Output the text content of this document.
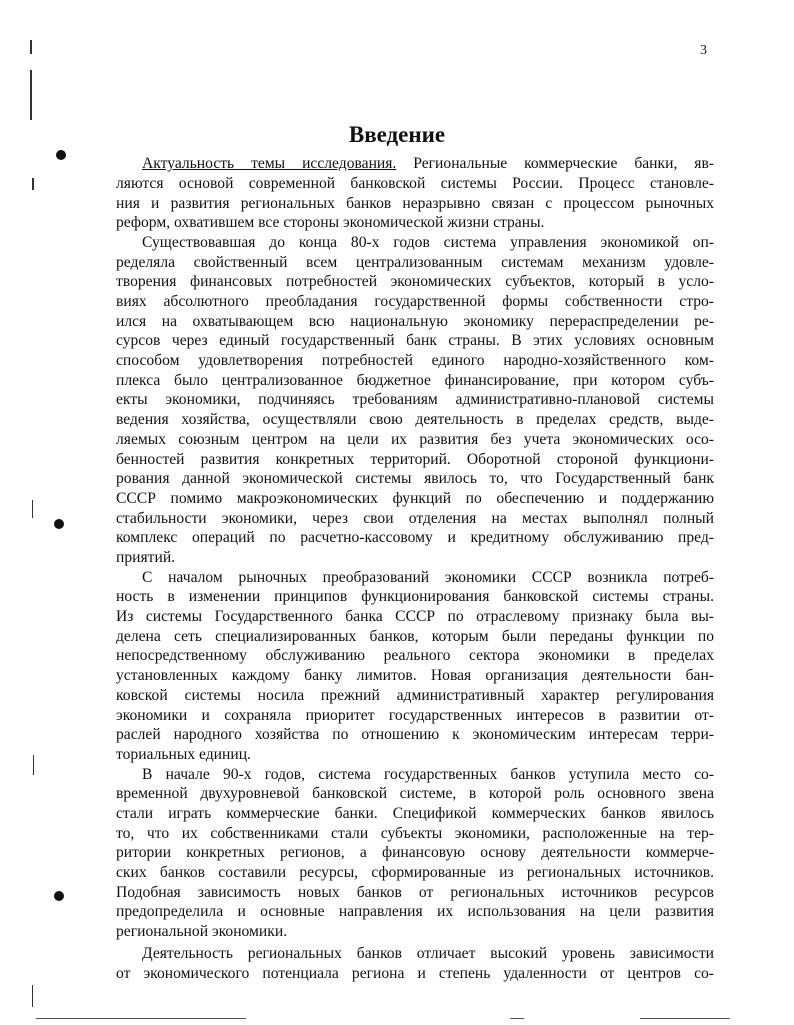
3
Введение
Актуальность темы исследования. Региональные коммерческие банки, яв-
ляются основой современной банковской системы России. Процесс становле-
ния и развития региональных банков неразрывно связан с процессом рыночных
реформ, охватившем все стороны экономической жизни страны.
Существовавшая до конца 80-х годов система управления экономикой оп-
ределяла свойственный всем централизованным системам механизм удовле-
творения финансовых потребностей экономических субъектов, который в усло-
виях абсолютного преобладания государственной формы собственности стро-
ился на охватывающем всю национальную экономику перераспределении ре-
сурсов через единый государственный банк страны. В этих условиях основным
способом удовлетворения потребностей единого народно-хозяйственного ком-
плекса было централизованное бюджетное финансирование, при котором субъ-
екты экономики, подчиняясь требованиям административно-плановой системы
ведения хозяйства, осуществляли свою деятельность в пределах средств, выде-
ляемых союзным центром на цели их развития без учета экономических осо-
бенностей развития конкретных территорий. Оборотной стороной функциони-
рования данной экономической системы явилось то, что Государственный банк
СССР помимо макроэкономических функций по обеспечению и поддержанию
стабильности экономики, через свои отделения на местах выполнял полный
комплекс операций по расчетно-кассовому и кредитному обслуживанию пред-
приятий.
С началом рыночных преобразований экономики СССР возникла потреб-
ность в изменении принципов функционирования банковской системы страны.
Из системы Государственного банка СССР по отраслевому признаку была вы-
делена сеть специализированных банков, которым были переданы функции по
непосредственному обслуживанию реального сектора экономики в пределах
установленных каждому банку лимитов. Новая организация деятельности бан-
ковской системы носила прежний административный характер регулирования
экономики и сохраняла приоритет государственных интересов в развитии от-
раслей народного хозяйства по отношению к экономическим интересам терри-
ториальных единиц.
В начале 90-х годов, система государственных банков уступила место со-
временной двухуровневой банковской системе, в которой роль основного звена
стали играть коммерческие банки. Спецификой коммерческих банков явилось
то, что их собственниками стали субъекты экономики, расположенные на тер-
ритории конкретных регионов, а финансовую основу деятельности коммерче-
ских банков составили ресурсы, сформированные из региональных источников.
Подобная зависимость новых банков от региональных источников ресурсов
предопределила и основные направления их использования на цели развития
региональной экономики.
Деятельность региональных банков отличает высокий уровень зависимости
от экономического потенциала региона и степень удаленности от центров со-
